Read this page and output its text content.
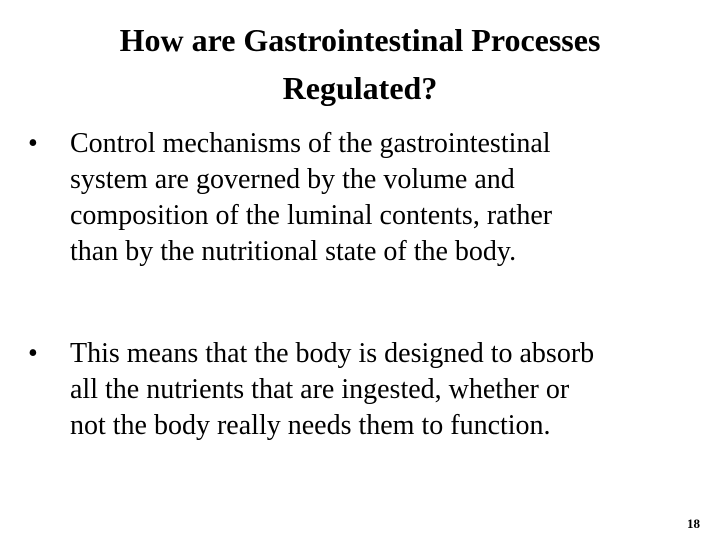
How are Gastrointestinal Processes
Regulated?
• Control mechanisms of the gastrointestinal
system are governed by the volume and
composition of the luminal contents, rather
than by the nutritional state of the body.
• This means that the body is designed to absorb
all the nutrients that are ingested, whether or
not the body really needs them to function.
18
